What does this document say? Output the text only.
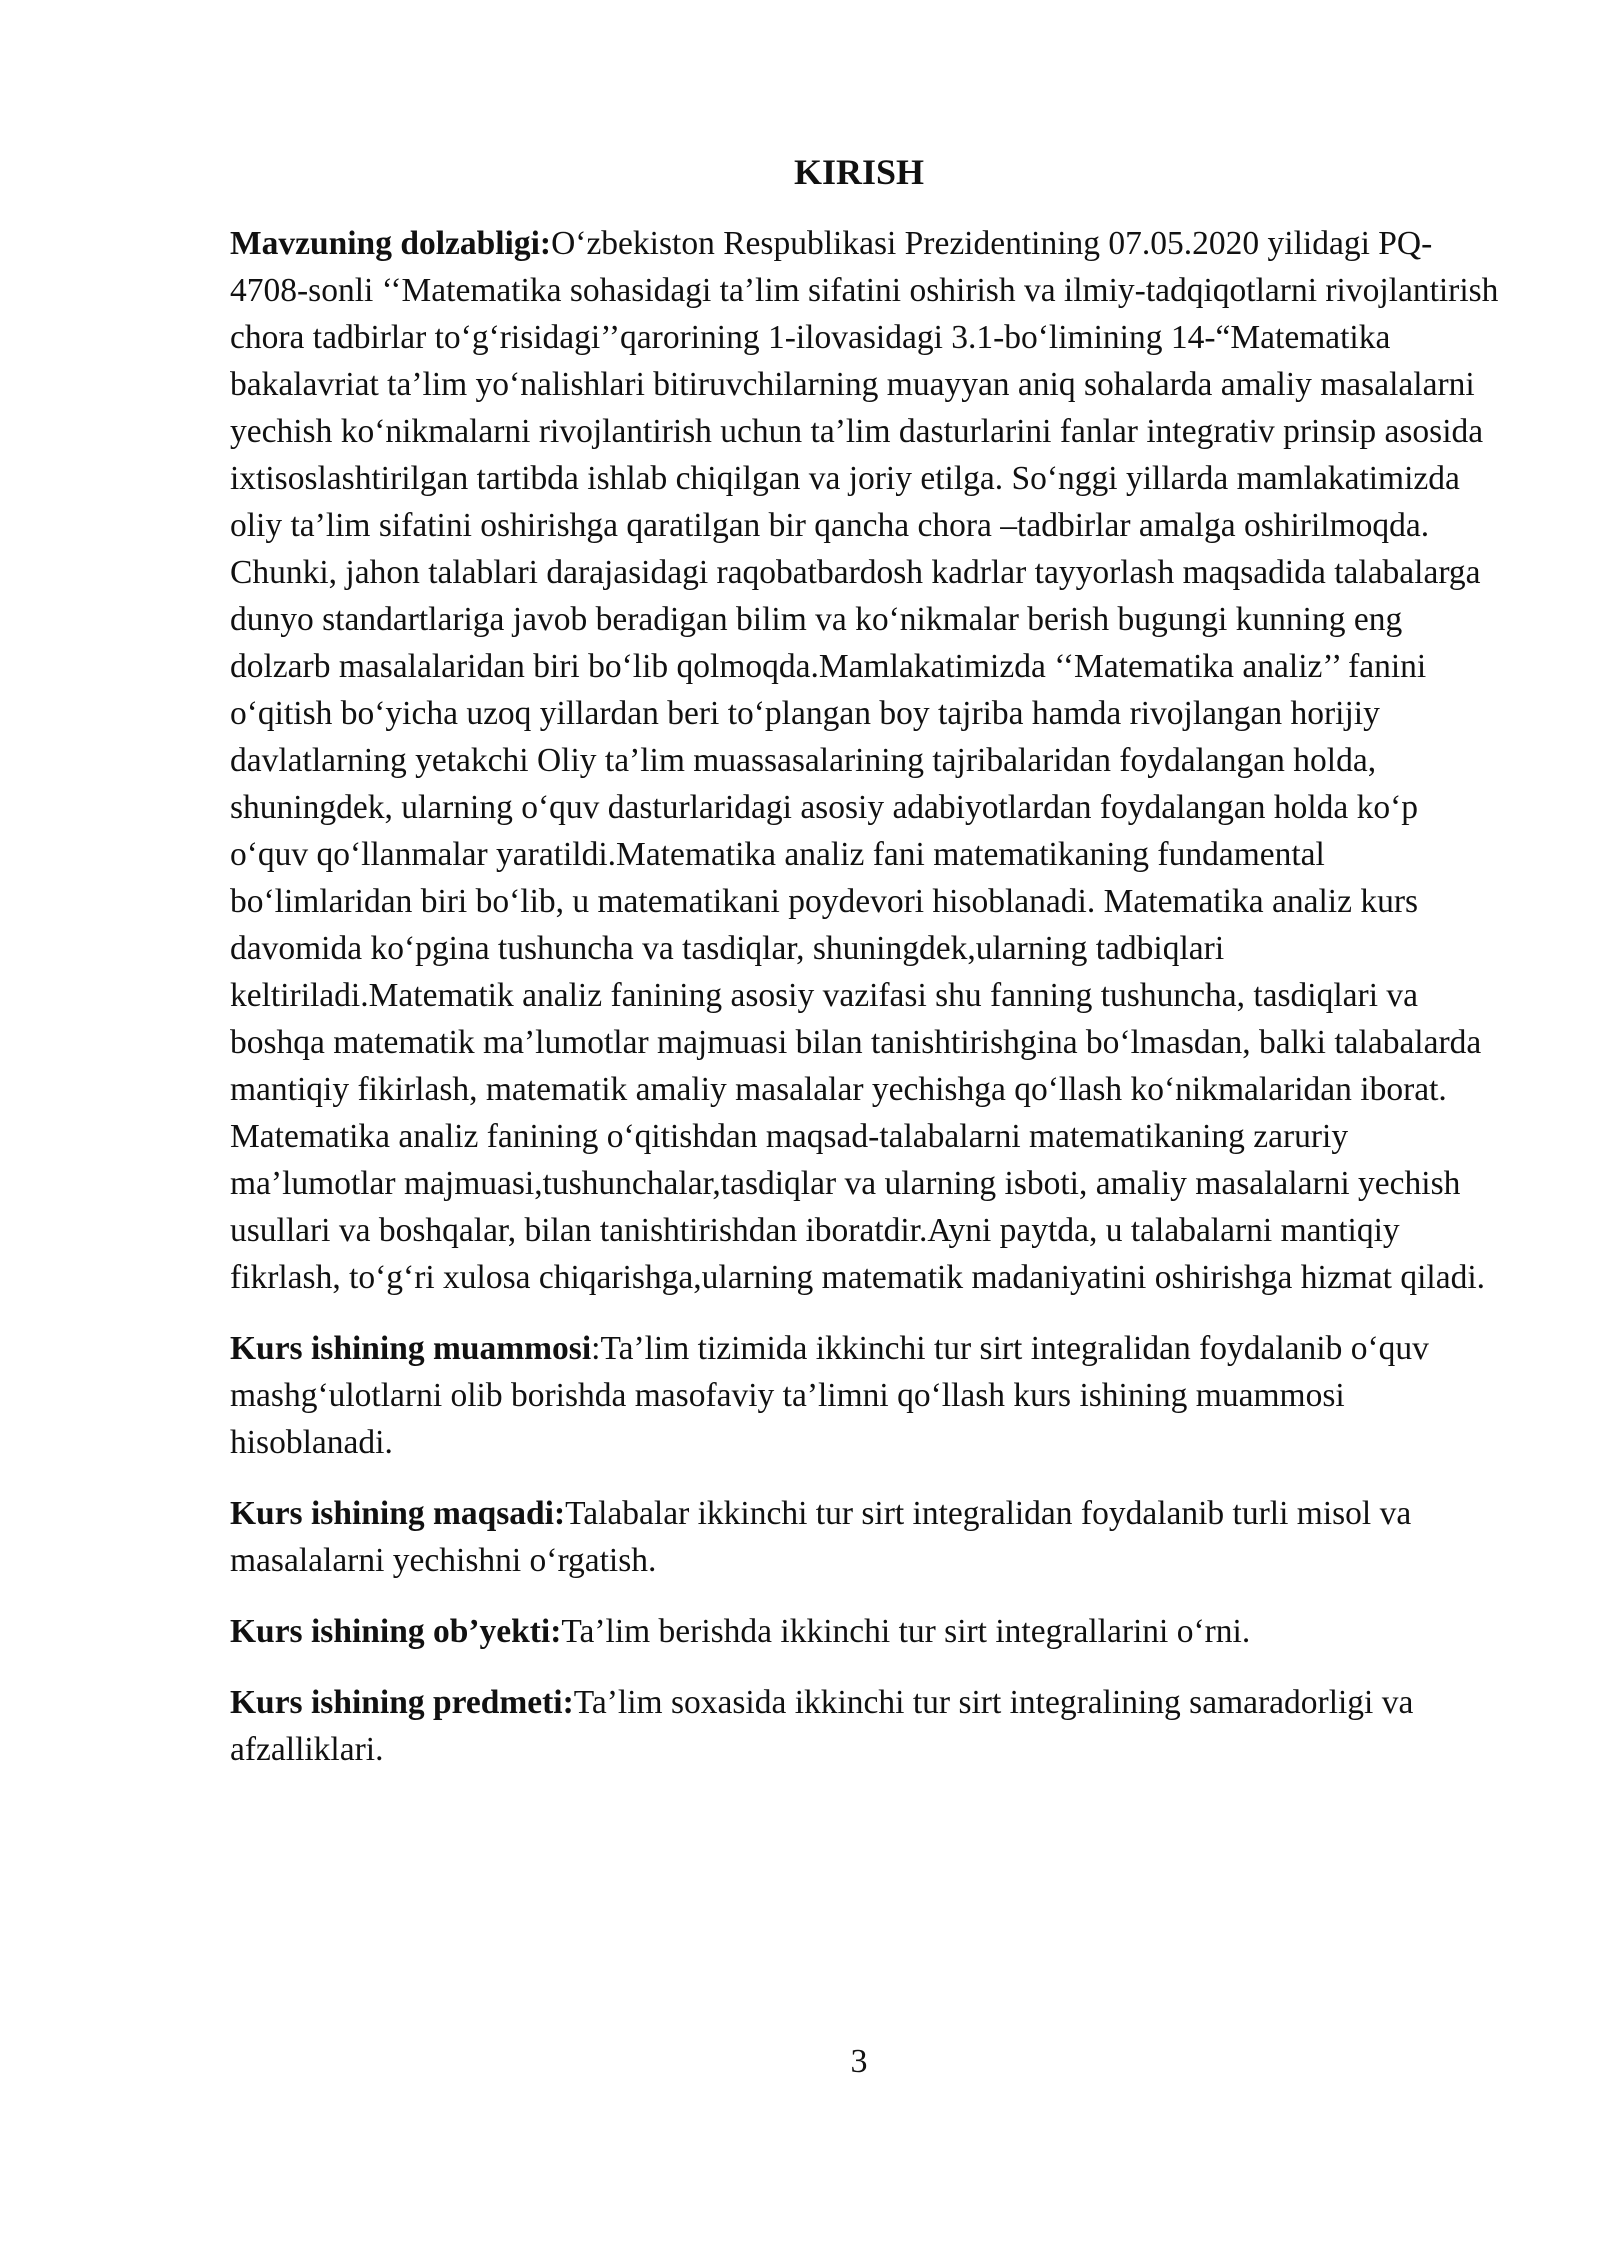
KIRISH

Mavzuning dolzabligi:O‘zbekiston Respublikasi Prezidentining 07.05.2020 yilidagi PQ-4708-sonli ‘‘Matematika sohasidagi ta’lim sifatini oshirish va ilmiy-tadqiqotlarni rivojlantirish chora tadbirlar to‘g‘risidagi’’qarorining 1-ilovasidagi 3.1-bo‘limining 14-“Matematika bakalavriat ta’lim yo‘nalishlari bitiruvchilarning muayyan aniq sohalarda amaliy masalalarni yechish ko‘nikmalarni rivojlantirish uchun ta’lim dasturlarini fanlar integrativ prinsip asosida ixtisoslashtirilgan tartibda ishlab chiqilgan va joriy etilga. So‘nggi yillarda mamlakatimizda oliy ta’lim sifatini oshirishga qaratilgan bir qancha chora –tadbirlar amalga oshirilmoqda. Chunki, jahon talablari darajasidagi raqobatbardosh kadrlar tayyorlash maqsadida talabalarga dunyo standartlariga javob beradigan bilim va ko‘nikmalar berish bugungi kunning eng dolzarb masalalaridan biri bo‘lib qolmoqda.Mamlakatimizda ‘‘Matematika analiz’’ fanini o‘qitish bo‘yicha uzoq yillardan beri to‘plangan boy tajriba hamda rivojlangan horijiy davlatlarning yetakchi Oliy ta’lim muassasalarining tajribalaridan foydalangan holda, shuningdek, ularning o‘quv dasturlaridagi asosiy adabiyotlardan foydalangan holda ko‘p o‘quv qo‘llanmalar yaratildi.Matematika analiz fani matematikaning fundamental bo‘limlaridan biri bo‘lib, u matematikani poydevori hisoblanadi. Matematika analiz kurs davomida ko‘pgina tushuncha va tasdiqlar, shuningdek,ularning tadbiqlari keltiriladi.Matematik analiz fanining asosiy vazifasi shu fanning tushuncha, tasdiqlari va boshqa matematik ma’lumotlar majmuasi bilan tanishtirishgina bo‘lmasdan, balki talabalarda mantiqiy fikirlash, matematik amaliy masalalar yechishga qo‘llash ko‘nikmalaridan iborat. Matematika analiz fanining o‘qitishdan maqsad-talabalarni matematikaning zaruriy ma’lumotlar majmuasi,tushunchalar,tasdiqlar va ularning isboti, amaliy masalalarni yechish usullari va boshqalar, bilan tanishtirishdan iboratdir.Ayni paytda, u talabalarni mantiqiy fikrlash, to‘g‘ri xulosa chiqarishga,ularning matematik madaniyatini oshirishga hizmat qiladi.

Kurs ishining muammosi:Ta’lim tizimida ikkinchi tur sirt integralidan foydalanib o‘quv mashg‘ulotlarni olib borishda masofaviy ta’limni qo‘llash kurs ishining muammosi hisoblanadi.

Kurs ishining maqsadi:Talabalar ikkinchi tur sirt integralidan foydalanib turli misol va masalalarni yechishni o‘rgatish.

Kurs ishining ob’yekti:Ta’lim berishda ikkinchi tur sirt integrallarini o‘rni.

Kurs ishining predmeti:Ta’lim soxasida ikkinchi tur sirt integralining samaradorligi va afzalliklari.

3
